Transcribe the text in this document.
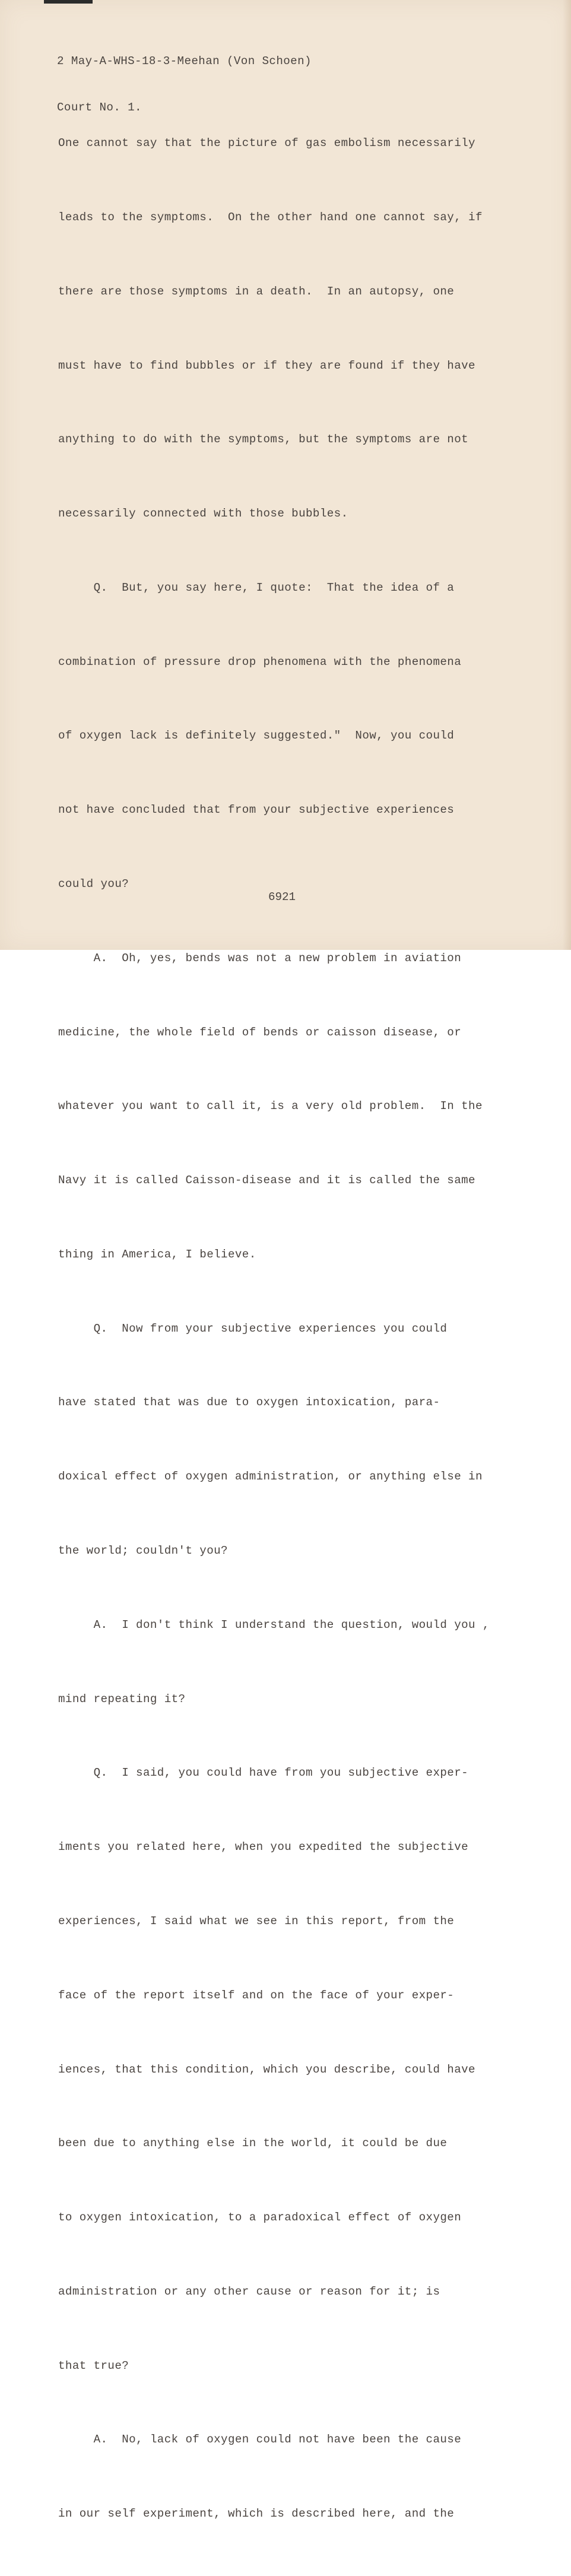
2 May-A-WHS-18-3-Meehan (Von Schoen)

Court No. 1.

One cannot say that the picture of gas embolism necessarily

leads to the symptoms.  On the other hand one cannot say, if

there are those symptoms in a death.  In an autopsy, one

must have to find bubbles or if they are found if they have

anything to do with the symptoms, but the symptoms are not

necessarily connected with those bubbles.

Q.  But, you say here, I quote:  That the idea of a

combination of pressure drop phenomena with the phenomena

of oxygen lack is definitely suggested."  Now, you could

not have concluded that from your subjective experiences

could you?

A.  Oh, yes, bends was not a new problem in aviation

medicine, the whole field of bends or caisson disease, or

whatever you want to call it, is a very old problem.  In the

Navy it is called Caisson-disease and it is called the same

thing in America, I believe.

Q.  Now from your subjective experiences you could

have stated that was due to oxygen intoxication, para-

doxical effect of oxygen administration, or anything else in

the world; couldn't you?

A.  I don't think I understand the question, would you ,

mind repeating it?

Q.  I said, you could have from you subjective exper-

iments you related here, when you expedited the subjective

experiences, I said what we see in this report, from the

face of the report itself and on the face of your exper-

iences, that this condition, which you describe, could have

been due to anything else in the world, it could be due

to oxygen intoxication, to a paradoxical effect of oxygen

administration or any other cause or reason for it; is

that true?

A.  No, lack of oxygen could not have been the cause

in our self experiment, which is described here, and the

6921
